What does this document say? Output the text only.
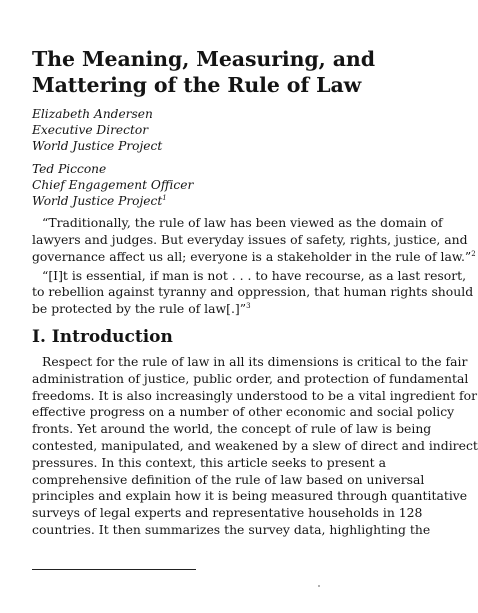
The Meaning, Measuring, and
Mattering of the Rule of Law
Elizabeth Andersen
Executive Director
World Justice Project
Ted Piccone
Chief Engagement Officer
World Justice Project$^1$

“Traditionally, the rule of law has been viewed as the domain of
lawyers and judges. But everyday issues of safety, rights, justice, and
governance affect us all; everyone is a stakeholder in the rule of law.”$^2$

“[I]t is essential, if man is not . . . to have recourse, as a last resort,
to rebellion against tyranny and oppression, that human rights should
be protected by the rule of law[.]”$^3$

I. Introduction

Respect for the rule of law in all its dimensions is critical to the fair
administration of justice, public order, and protection of fundamental
freedoms. It is also increasingly understood to be a vital ingredient for
effective progress on a number of other economic and social policy
fronts. Yet around the world, the concept of rule of law is being
contested, manipulated, and weakened by a slew of direct and indirect
pressures. In this context, this article seeks to present a
comprehensive definition of the rule of law based on universal
principles and explain how it is being measured through quantitative
surveys of legal experts and representative households in 128
countries. It then summarizes the survey data, highlighting the
